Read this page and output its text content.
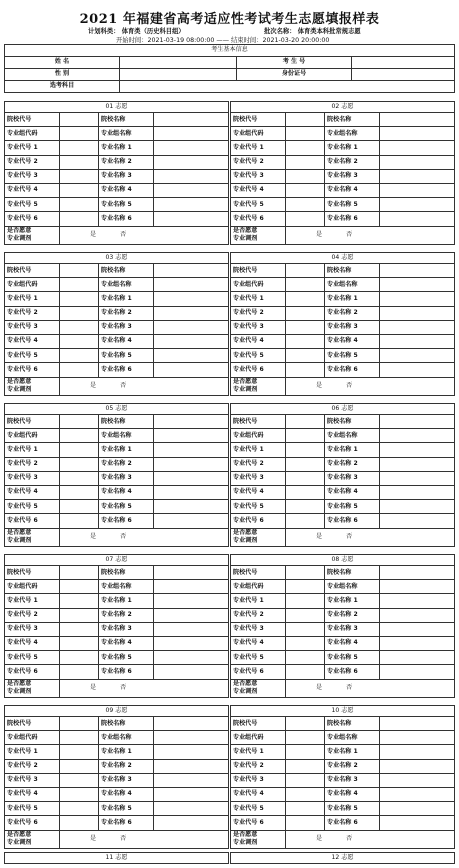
2021 年福建省高考适应性考试考生志愿填报样表
计划科类： 体育类（历史科目组）	批次名称： 体育类本科批常规志愿
开始时间：2021-03-19 08:00:00 —— 结束时间：2021-03-20 20:00:00
考生基本信息			
姓 名		考 生 号	
性 别		身份证号	
选考科目			
01 志愿			
院校代号		院校名称	
专业组代码		专业组名称	
专业代号 1		专业名称 1	
专业代号 2		专业名称 2	
专业代号 3		专业名称 3	
专业代号 4		专业名称 4	
专业代号 5		专业名称 5	
专业代号 6		专业名称 6	
是否愿意
专业调剂	是 否		
02 志愿			
院校代号		院校名称	
专业组代码		专业组名称	
专业代号 1		专业名称 1	
专业代号 2		专业名称 2	
专业代号 3		专业名称 3	
专业代号 4		专业名称 4	
专业代号 5		专业名称 5	
专业代号 6		专业名称 6	
是否愿意
专业调剂	是 否		
03 志愿			
院校代号		院校名称	
专业组代码		专业组名称	
专业代号 1		专业名称 1	
专业代号 2		专业名称 2	
专业代号 3		专业名称 3	
专业代号 4		专业名称 4	
专业代号 5		专业名称 5	
专业代号 6		专业名称 6	
是否愿意
专业调剂	是 否		
04 志愿			
院校代号		院校名称	
专业组代码		专业组名称	
专业代号 1		专业名称 1	
专业代号 2		专业名称 2	
专业代号 3		专业名称 3	
专业代号 4		专业名称 4	
专业代号 5		专业名称 5	
专业代号 6		专业名称 6	
是否愿意
专业调剂	是 否		
05 志愿			
院校代号		院校名称	
专业组代码		专业组名称	
专业代号 1		专业名称 1	
专业代号 2		专业名称 2	
专业代号 3		专业名称 3	
专业代号 4		专业名称 4	
专业代号 5		专业名称 5	
专业代号 6		专业名称 6	
是否愿意
专业调剂	是 否		
06 志愿			
院校代号		院校名称	
专业组代码		专业组名称	
专业代号 1		专业名称 1	
专业代号 2		专业名称 2	
专业代号 3		专业名称 3	
专业代号 4		专业名称 4	
专业代号 5		专业名称 5	
专业代号 6		专业名称 6	
是否愿意
专业调剂	是 否		
07 志愿			
院校代号		院校名称	
专业组代码		专业组名称	
专业代号 1		专业名称 1	
专业代号 2		专业名称 2	
专业代号 3		专业名称 3	
专业代号 4		专业名称 4	
专业代号 5		专业名称 5	
专业代号 6		专业名称 6	
是否愿意
专业调剂	是 否		
08 志愿			
院校代号		院校名称	
专业组代码		专业组名称	
专业代号 1		专业名称 1	
专业代号 2		专业名称 2	
专业代号 3		专业名称 3	
专业代号 4		专业名称 4	
专业代号 5		专业名称 5	
专业代号 6		专业名称 6	
是否愿意
专业调剂	是 否		
09 志愿			
院校代号		院校名称	
专业组代码		专业组名称	
专业代号 1		专业名称 1	
专业代号 2		专业名称 2	
专业代号 3		专业名称 3	
专业代号 4		专业名称 4	
专业代号 5		专业名称 5	
专业代号 6		专业名称 6	
是否愿意
专业调剂	是 否		
10 志愿			
院校代号		院校名称	
专业组代码		专业组名称	
专业代号 1		专业名称 1	
专业代号 2		专业名称 2	
专业代号 3		专业名称 3	
专业代号 4		专业名称 4	
专业代号 5		专业名称 5	
专业代号 6		专业名称 6	
是否愿意
专业调剂	是 否		
11 志愿	12 志愿
